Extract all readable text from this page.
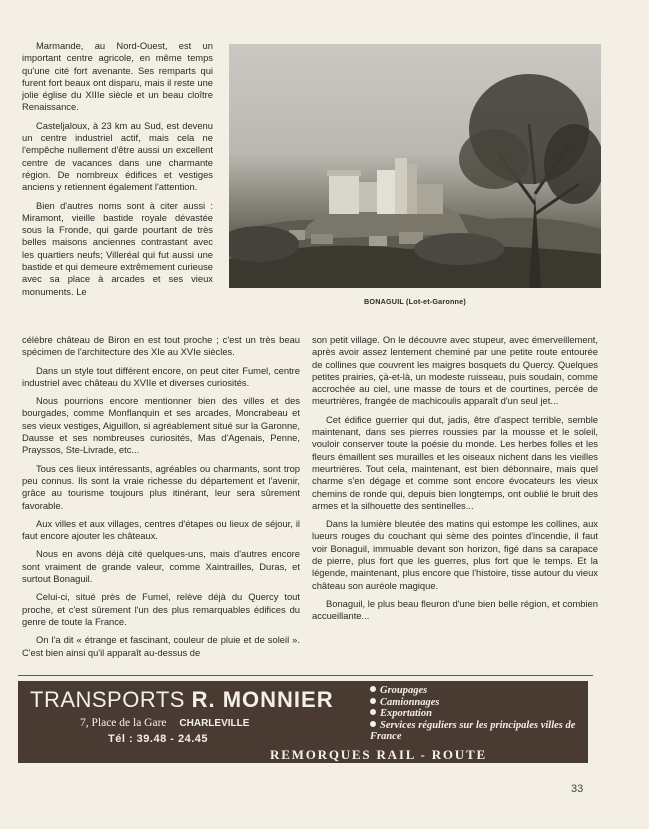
Marmande, au Nord-Ouest, est un important centre agricole, en même temps qu'une cité fort avenante. Ses remparts qui furent fort beaux ont disparu, mais il reste une jolie église du XIIIe siècle et un beau cloître Renaissance.

Casteljaloux, à 23 km au Sud, est devenu un centre industriel actif, mais cela ne l'empêche nullement d'être aussi un excellent centre de vacances dans une charmante région. De nombreux édifices et vestiges anciens y retiennent également l'attention.

Bien d'autres noms sont à citer aussi : Miramont, vieille bastide royale dévastée sous la Fronde, qui garde pourtant de très belles maisons anciennes contrastant avec les quartiers neufs; Villeréal qui fut aussi une bastide et qui demeure extrêmement curieuse avec sa place à arcades et ses vieux monuments. Le

BONAGUIL (Lot-et-Garonne)

célèbre château de Biron en est tout proche ; c'est un très beau spécimen de l'architecture des XIe au XVIe siècles.

Dans un style tout différent encore, on peut citer Fumel, centre industriel avec château du XVIIe et diverses curiosités.

Nous pourrions encore mentionner bien des villes et des bourgades, comme Monflanquin et ses arcades, Moncrabeau et ses vieux vestiges, Aiguillon, si agréablement situé sur la Garonne, Dausse et ses nombreuses curiosités, Mas d'Agenais, Penne, Prayssos, Ste-Livrade, etc...

Tous ces lieux intéressants, agréables ou charmants, sont trop peu connus. Ils sont la vraie richesse du département et l'avenir, grâce au tourisme toujours plus itinérant, leur sera sûrement favorable.

Aux villes et aux villages, centres d'étapes ou lieux de séjour, il faut encore ajouter les châteaux.

Nous en avons déjà cité quelques-uns, mais d'autres encore sont vraiment de grande valeur, comme Xaintrailles, Duras, et surtout Bonaguil.

Celui-ci, situé près de Fumel, relève déjà du Quercy tout proche, et c'est sûrement l'un des plus remarquables édifices du genre de toute la France.

On l'a dit « étrange et fascinant, couleur de pluie et de soleil ». C'est bien ainsi qu'il apparaît au-dessus de

son petit village. On le découvre avec stupeur, avec émerveillement, après avoir assez lentement cheminé par une petite route entourée de collines que couvrent les maigres bosquets du Quercy. Quelques petites prairies, çà-et-là, un modeste ruisseau, puis soudain, comme accrochée au ciel, une masse de tours et de courtines, percée de meurtrières, frangée de machicoulis apparaît d'un seul jet...

Cet édifice guerrier qui dut, jadis, être d'aspect terrible, semble maintenant, dans ses pierres roussies par la mousse et le soleil, vouloir conserver toute la poésie du monde. Les herbes folles et les fleurs émaillent ses murailles et les oiseaux nichent dans les vieilles meurtrières. Tout cela, maintenant, est bien débonnaire, mais quel charme s'en dégage et comme sont encore évocateurs les vieux chemins de ronde qui, depuis bien longtemps, ont oublié le bruit des armes et la silhouette des sentinelles...

Dans la lumière bleutée des matins qui estompe les collines, aux lueurs rouges du couchant qui sème des pointes d'incendie, il faut voir Bonaguil, immuable devant son horizon, figé dans sa carapace de pierre, plus fort que les guerres, plus fort que le temps. Et la légende, maintenant, plus encore que l'histoire, tisse autour du vieux château son auréole magique.

Bonaguil, le plus beau fleuron d'une bien belle région, et combien accueillante...

TRANSPORTS R. MONNIER
7, Place de la Gare CHARLEVILLE
Tél : 39.48 - 24.45
Groupages
Camionnages
Exportation
Services réguliers sur les principales villes de France
REMORQUES RAIL - ROUTE
33
